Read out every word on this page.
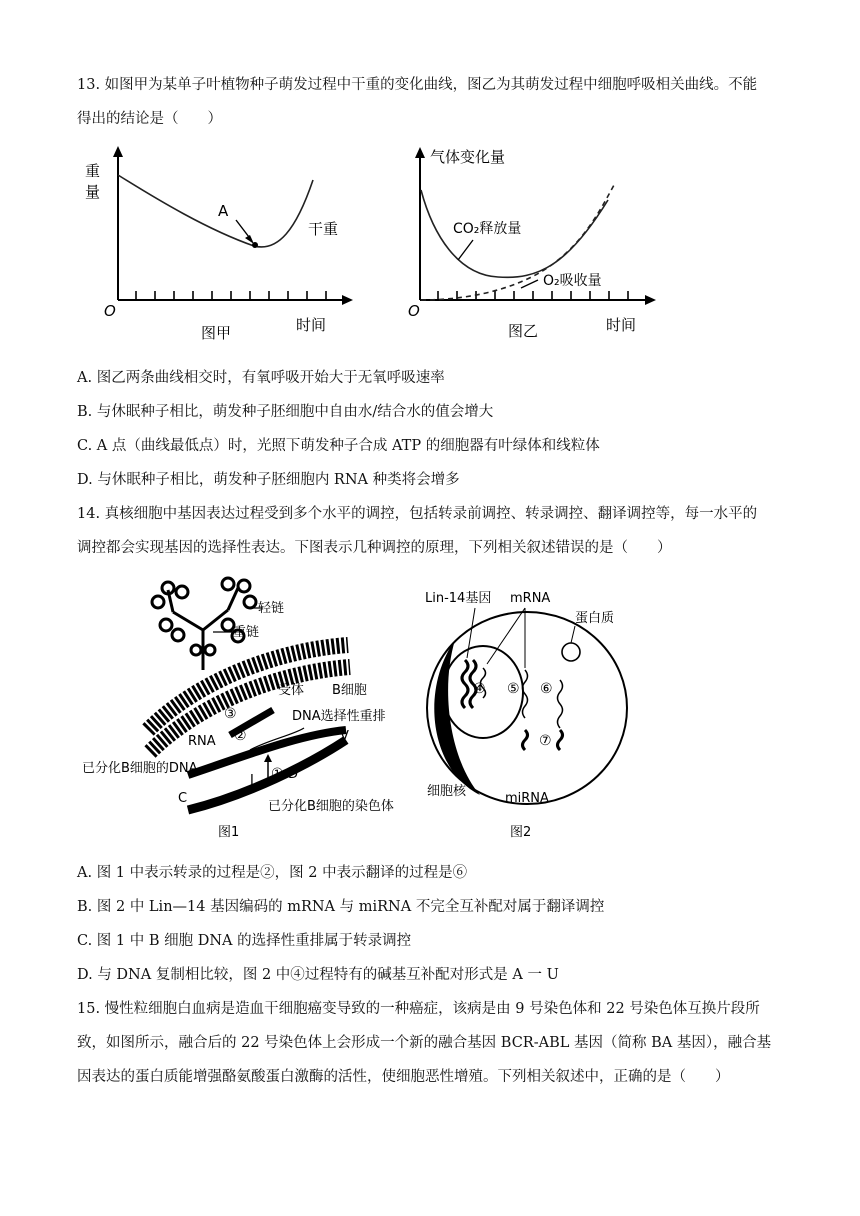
13. 如图甲为某单子叶植物种子萌发过程中干重的变化曲线，图乙为其萌发过程中细胞呼吸相关曲线。不能
得出的结论是（　　）
A
干重
重
量
O
时间
图甲
气体变化量
CO₂释放量
O₂吸收量
O
时间
图乙
A. 图乙两条曲线相交时，有氧呼吸开始大于无氧呼吸速率
B. 与休眠种子相比，萌发种子胚细胞中自由水/结合水的值会增大
C. A 点（曲线最低点）时，光照下萌发种子合成 ATP 的细胞器有叶绿体和线粒体
D. 与休眠种子相比，萌发种子胚细胞内 RNA 种类将会增多
14. 真核细胞中基因表达过程受到多个水平的调控，包括转录前调控、转录调控、翻译调控等，每一水平的
调控都会实现基因的选择性表达。下图表示几种调控的原理，下列相关叙述错误的是（　　）
轻链
重链
受体 B细胞
③
②
RNA
DNA选择性重排
V
① D
J
C
已分化B细胞的DNA
已分化B细胞的染色体
图1
Lin-14基因 mRNA
蛋白质
④ ⑤ ⑥
⑦
细胞核	miRNA
图2
A. 图 1 中表示转录的过程是②，图 2 中表示翻译的过程是⑥
B. 图 2 中 Lin—14 基因编码的 mRNA 与 miRNA 不完全互补配对属于翻译调控
C. 图 1 中 B 细胞 DNA 的选择性重排属于转录调控
D. 与 DNA 复制相比较，图 2 中④过程特有的碱基互补配对形式是 A 一 U
15. 慢性粒细胞白血病是造血干细胞癌变导致的一种癌症，该病是由 9 号染色体和 22 号染色体互换片段所
致，如图所示，融合后的 22 号染色体上会形成一个新的融合基因 BCR-ABL 基因（简称 BA 基因），融合基
因表达的蛋白质能增强酪氨酸蛋白激酶的活性，使细胞恶性增殖。下列相关叙述中，正确的是（　　）
